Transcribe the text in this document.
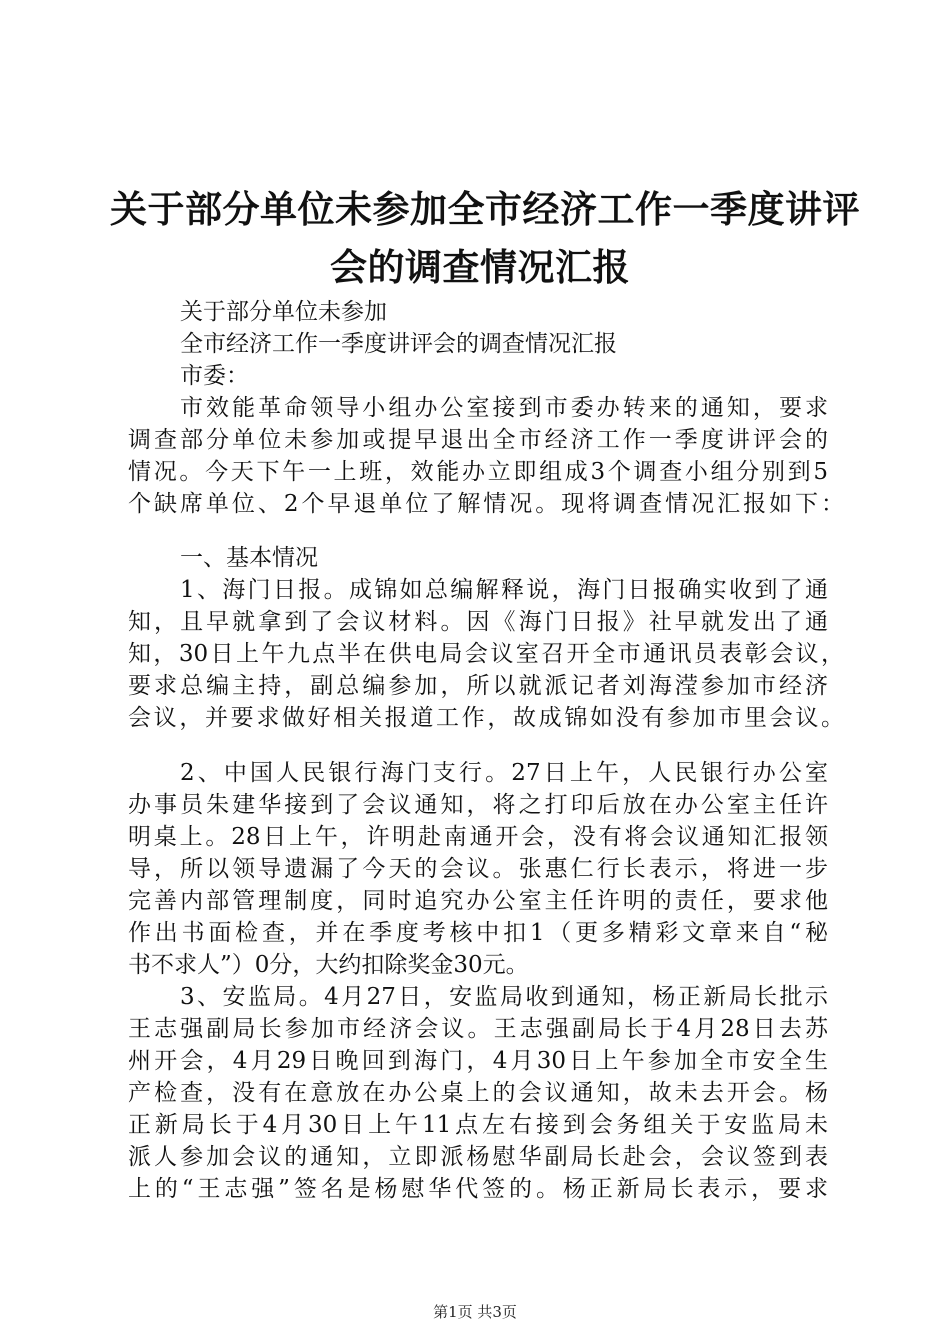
关于部分单位未参加全市经济工作一季度讲评
会的调查情况汇报
关于部分单位未参加
全市经济工作一季度讲评会的调查情况汇报
市委：
市效能革命领导小组办公室接到市委办转来的通知，要求
调查部分单位未参加或提早退出全市经济工作一季度讲评会的
情况。今天下午一上班，效能办立即组成3个调查小组分别到5
个缺席单位、2个早退单位了解情况。现将调查情况汇报如下：
一、基本情况
1、海门日报。成锦如总编解释说，海门日报确实收到了通
知，且早就拿到了会议材料。因《海门日报》社早就发出了通
知，30日上午九点半在供电局会议室召开全市通讯员表彰会议，
要求总编主持，副总编参加，所以就派记者刘海滢参加市经济
会议，并要求做好相关报道工作，故成锦如没有参加市里会议。
2、中国人民银行海门支行。27日上午，人民银行办公室
办事员朱建华接到了会议通知，将之打印后放在办公室主任许
明桌上。28日上午，许明赴南通开会，没有将会议通知汇报领
导，所以领导遗漏了今天的会议。张惠仁行长表示，将进一步
完善内部管理制度，同时追究办公室主任许明的责任，要求他
作出书面检查，并在季度考核中扣1（更多精彩文章来自“秘
书不求人”）0分，大约扣除奖金30元。
3、安监局。4月27日，安监局收到通知，杨正新局长批示
王志强副局长参加市经济会议。王志强副局长于4月28日去苏
州开会，4月29日晚回到海门，4月30日上午参加全市安全生
产检查，没有在意放在办公桌上的会议通知，故未去开会。杨
正新局长于4月30日上午11点左右接到会务组关于安监局未
派人参加会议的通知，立即派杨慰华副局长赴会，会议签到表
上的“王志强”签名是杨慰华代签的。杨正新局长表示，要求
第1页 共3页
